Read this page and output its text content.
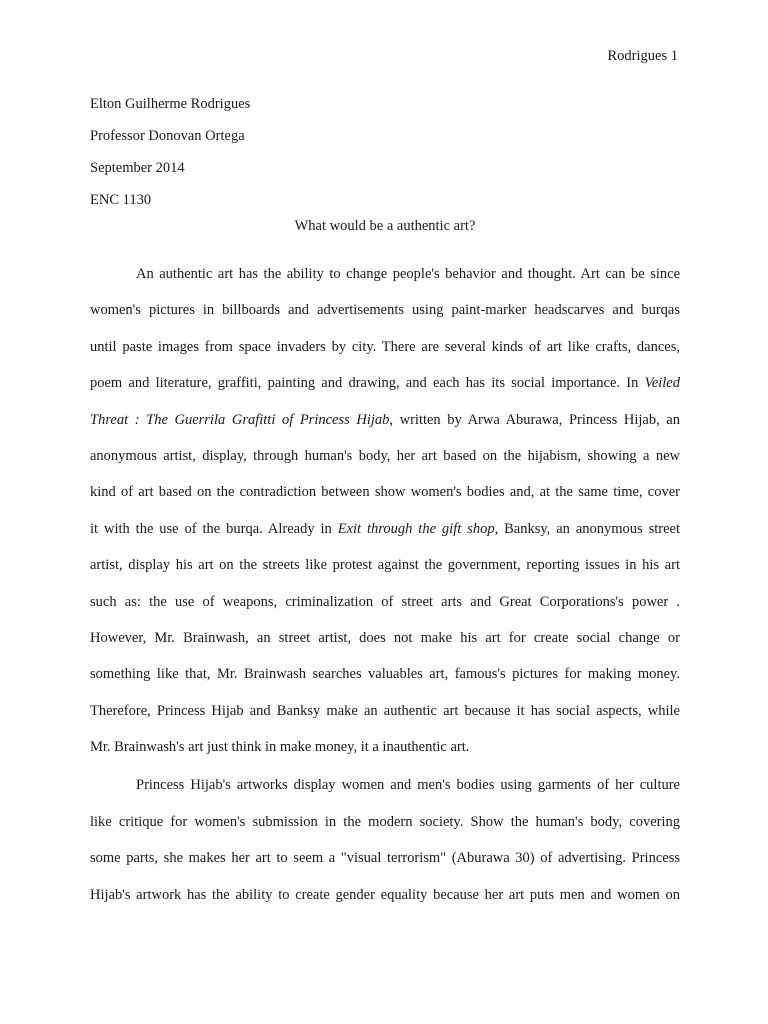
Rodrigues 1
Elton Guilherme Rodrigues
Professor Donovan Ortega
September 2014
ENC 1130
What would be a authentic art?
An authentic art has the ability to change people's behavior and thought. Art can be since
women's pictures in billboards and advertisements using paint-marker headscarves and burqas
until paste images from space invaders by city. There are several kinds of art like crafts, dances,
poem and literature, graffiti, painting and drawing, and each has its social importance. In Veiled
Threat : The Guerrila Grafitti of Princess Hijab, written by Arwa Aburawa, Princess Hijab, an
anonymous artist, display, through human's body, her art based on the hijabism, showing a new
kind of art based on the contradiction between show women's bodies and, at the same time, cover
it with the use of the burqa. Already in Exit through the gift shop, Banksy, an anonymous street
artist, display his art on the streets like protest against the government, reporting issues in his art
such as: the use of weapons, criminalization of street arts and Great Corporations's power .
However, Mr. Brainwash, an street artist, does not make his art for create social change or
something like that, Mr. Brainwash searches valuables art, famous's pictures for making money.
Therefore, Princess Hijab and Banksy make an authentic art because it has social aspects, while
Mr. Brainwash's art just think in make money, it a inauthentic art.
Princess Hijab's artworks display women and men's bodies using garments of her culture
like critique for women's submission in the modern society. Show the human's body, covering
some parts, she makes her art to seem a "visual terrorism" (Aburawa 30) of advertising. Princess
Hijab's artwork has the ability to create gender equality because her art puts men and women on
